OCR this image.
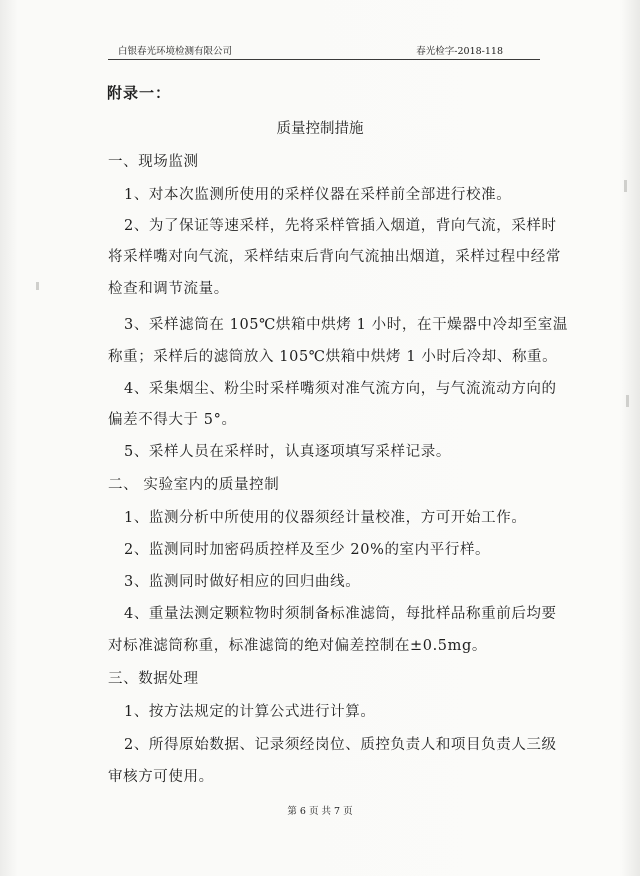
白银春光环境检测有限公司	春光检字-2018-118
附录一：
质量控制措施
一、现场监测
1、对本次监测所使用的采样仪器在采样前全部进行校准。
2、为了保证等速采样，先将采样管插入烟道，背向气流，采样时
将采样嘴对向气流，采样结束后背向气流抽出烟道，采样过程中经常
检查和调节流量。
3、采样滤筒在 105℃烘箱中烘烤 1 小时，在干燥器中冷却至室温
称重；采样后的滤筒放入 105℃烘箱中烘烤 1 小时后冷却、称重。
4、采集烟尘、粉尘时采样嘴须对准气流方向，与气流流动方向的
偏差不得大于 5°。
5、采样人员在采样时，认真逐项填写采样记录。
二、 实验室内的质量控制
1、监测分析中所使用的仪器须经计量校准，方可开始工作。
2、监测同时加密码质控样及至少 20%的室内平行样。
3、监测同时做好相应的回归曲线。
4、重量法测定颗粒物时须制备标准滤筒，每批样品称重前后均要
对标准滤筒称重，标准滤筒的绝对偏差控制在±0.5mg。
三、数据处理
1、按方法规定的计算公式进行计算。
2、所得原始数据、记录须经岗位、质控负责人和项目负责人三级
审核方可使用。
第 6 页 共 7 页
